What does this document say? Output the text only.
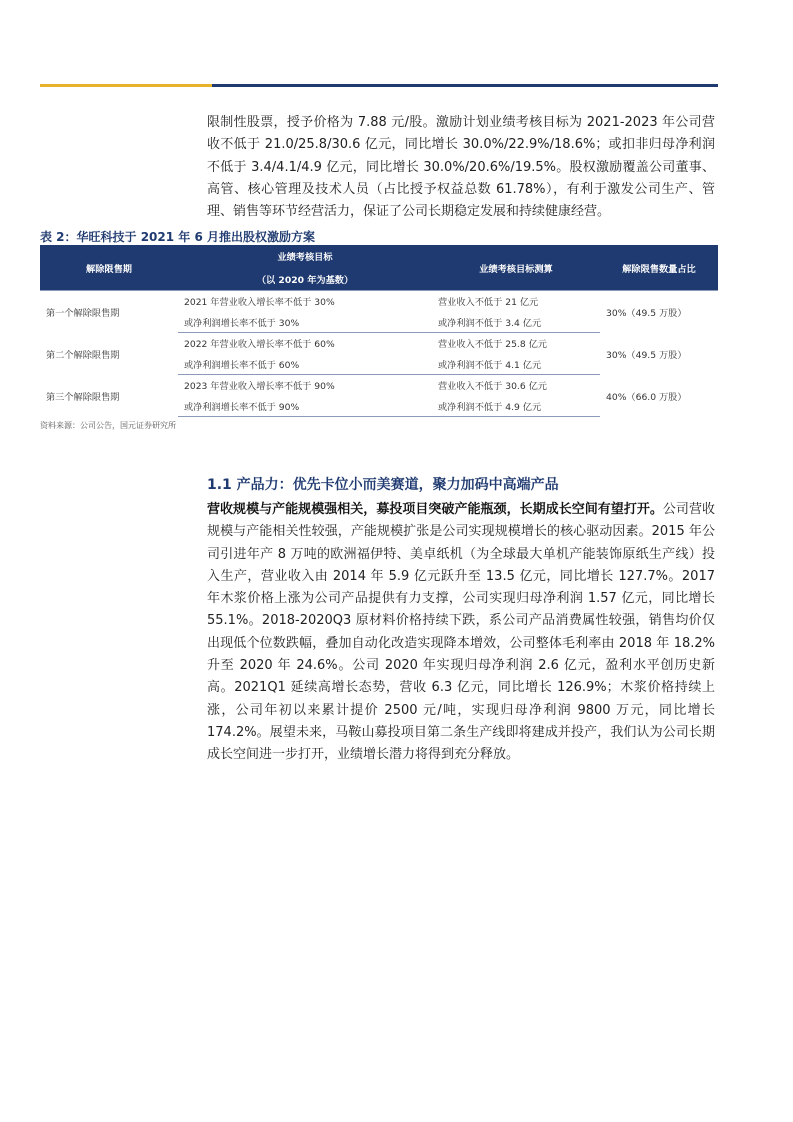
限制性股票，授予价格为 7.88 元/股。激励计划业绩考核目标为 2021-2023 年公司营收不低于 21.0/25.8/30.6 亿元，同比增长 30.0%/22.9%/18.6%；或扣非归母净利润不低于 3.4/4.1/4.9 亿元，同比增长 30.0%/20.6%/19.5%。股权激励覆盖公司董事、高管、核心管理及技术人员（占比授予权益总数 61.78%），有利于激发公司生产、管理、销售等环节经营活力，保证了公司长期稳定发展和持续健康经营。

表 2：华旺科技于 2021 年 6 月推出股权激励方案

解除限售期	业绩考核目标	业绩考核目标测算	解除限售数量占比
	（以 2020 年为基数）		
第一个解除限售期	2021 年营业收入增长率不低于 30%	营业收入不低于 21 亿元	30%（49.5 万股）
	或净利润增长率不低于 30%	或净利润不低于 3.4 亿元	
第二个解除限售期	2022 年营业收入增长率不低于 60%	营业收入不低于 25.8 亿元	30%（49.5 万股）
	或净利润增长率不低于 60%	或净利润不低于 4.1 亿元	
第三个解除限售期	2023 年营业收入增长率不低于 90%	营业收入不低于 30.6 亿元	40%（66.0 万股）
	或净利润增长率不低于 90%	或净利润不低于 4.9 亿元	

资料来源：公司公告，国元证券研究所

1.1 产品力：优先卡位小而美赛道，聚力加码中高端产品

营收规模与产能规模强相关，募投项目突破产能瓶颈，长期成长空间有望打开。公司营收规模与产能相关性较强，产能规模扩张是公司实现规模增长的核心驱动因素。2015 年公司引进年产 8 万吨的欧洲福伊特、美卓纸机（为全球最大单机产能装饰原纸生产线）投入生产，营业收入由 2014 年 5.9 亿元跃升至 13.5 亿元，同比增长 127.7%。2017 年木浆价格上涨为公司产品提供有力支撑，公司实现归母净利润 1.57 亿元，同比增长 55.1%。2018-2020Q3 原材料价格持续下跌，系公司产品消费属性较强，销售均价仅出现低个位数跌幅，叠加自动化改造实现降本增效，公司整体毛利率由 2018 年 18.2%升至 2020 年 24.6%。公司 2020 年实现归母净利润 2.6 亿元，盈利水平创历史新高。2021Q1 延续高增长态势，营收 6.3 亿元，同比增长 126.9%；木浆价格持续上涨，公司年初以来累计提价 2500 元/吨，实现归母净利润 9800 万元，同比增长 174.2%。展望未来，马鞍山募投项目第二条生产线即将建成并投产，我们认为公司长期成长空间进一步打开，业绩增长潜力将得到充分释放。
